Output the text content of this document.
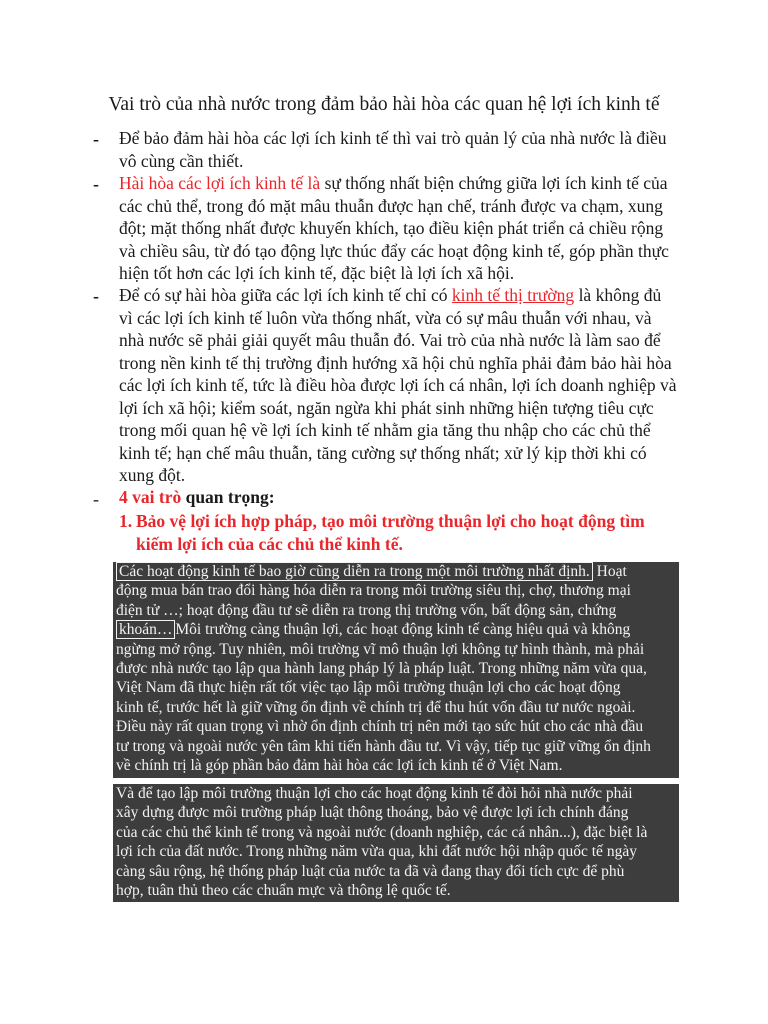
Vai trò của nhà nước trong đảm bảo hài hòa các quan hệ lợi ích kinh tế
- Để bảo đảm hài hòa các lợi ích kinh tế thì vai trò quản lý của nhà nước là điều
vô cùng cần thiết.
- Hài hòa các lợi ích kinh tế là sự thống nhất biện chứng giữa lợi ích kinh tế của
các chủ thể, trong đó mặt mâu thuẫn được hạn chế, tránh được va chạm, xung
đột; mặt thống nhất được khuyến khích, tạo điều kiện phát triển cả chiều rộng
và chiều sâu, từ đó tạo động lực thúc đẩy các hoạt động kinh tế, góp phần thực
hiện tốt hơn các lợi ích kinh tế, đặc biệt là lợi ích xã hội.
- Để có sự hài hòa giữa các lợi ích kinh tế chỉ có kinh tế thị trường là không đủ
vì các lợi ích kinh tế luôn vừa thống nhất, vừa có sự mâu thuẫn với nhau, và
nhà nước sẽ phải giải quyết mâu thuẫn đó. Vai trò của nhà nước là làm sao để
trong nền kinh tế thị trường định hướng xã hội chủ nghĩa phải đảm bảo hài hòa
các lợi ích kinh tế, tức là điều hòa được lợi ích cá nhân, lợi ích doanh nghiệp và
lợi ích xã hội; kiểm soát, ngăn ngừa khi phát sinh những hiện tượng tiêu cực
trong mối quan hệ về lợi ích kinh tế nhằm gia tăng thu nhập cho các chủ thể
kinh tế; hạn chế mâu thuẫn, tăng cường sự thống nhất; xử lý kịp thời khi có
xung đột.
- 4 vai trò quan trọng:
1. Bảo vệ lợi ích hợp pháp, tạo môi trường thuận lợi cho hoạt động tìm
kiếm lợi ích của các chủ thể kinh tế.
Các hoạt động kinh tế bao giờ cũng diễn ra trong một môi trường nhất định. Hoạt
động mua bán trao đổi hàng hóa diễn ra trong môi trường siêu thị, chợ, thương mại
điện tử …; hoạt động đầu tư sẽ diễn ra trong thị trường vốn, bất động sản, chứng
khoán… Môi trường càng thuận lợi, các hoạt động kinh tế càng hiệu quả và không
ngừng mở rộng. Tuy nhiên, môi trường vĩ mô thuận lợi không tự hình thành, mà phải
được nhà nước tạo lập qua hành lang pháp lý là pháp luật. Trong những năm vừa qua,
Việt Nam đã thực hiện rất tốt việc tạo lập môi trường thuận lợi cho các hoạt động
kinh tế, trước hết là giữ vững ổn định về chính trị để thu hút vốn đầu tư nước ngoài.
Điều này rất quan trọng vì nhờ ổn định chính trị nên mới tạo sức hút cho các nhà đầu
tư trong và ngoài nước yên tâm khi tiến hành đầu tư. Vì vậy, tiếp tục giữ vững ổn định
về chính trị là góp phần bảo đảm hài hòa các lợi ích kinh tế ở Việt Nam.
Và để tạo lập môi trường thuận lợi cho các hoạt động kinh tế đòi hỏi nhà nước phải
xây dựng được môi trường pháp luật thông thoáng, bảo vệ được lợi ích chính đáng
của các chủ thể kinh tế trong và ngoài nước (doanh nghiệp, các cá nhân...), đặc biệt là
lợi ích của đất nước. Trong những năm vừa qua, khi đất nước hội nhập quốc tế ngày
càng sâu rộng, hệ thống pháp luật của nước ta đã và đang thay đổi tích cực để phù
hợp, tuân thủ theo các chuẩn mực và thông lệ quốc tế.
